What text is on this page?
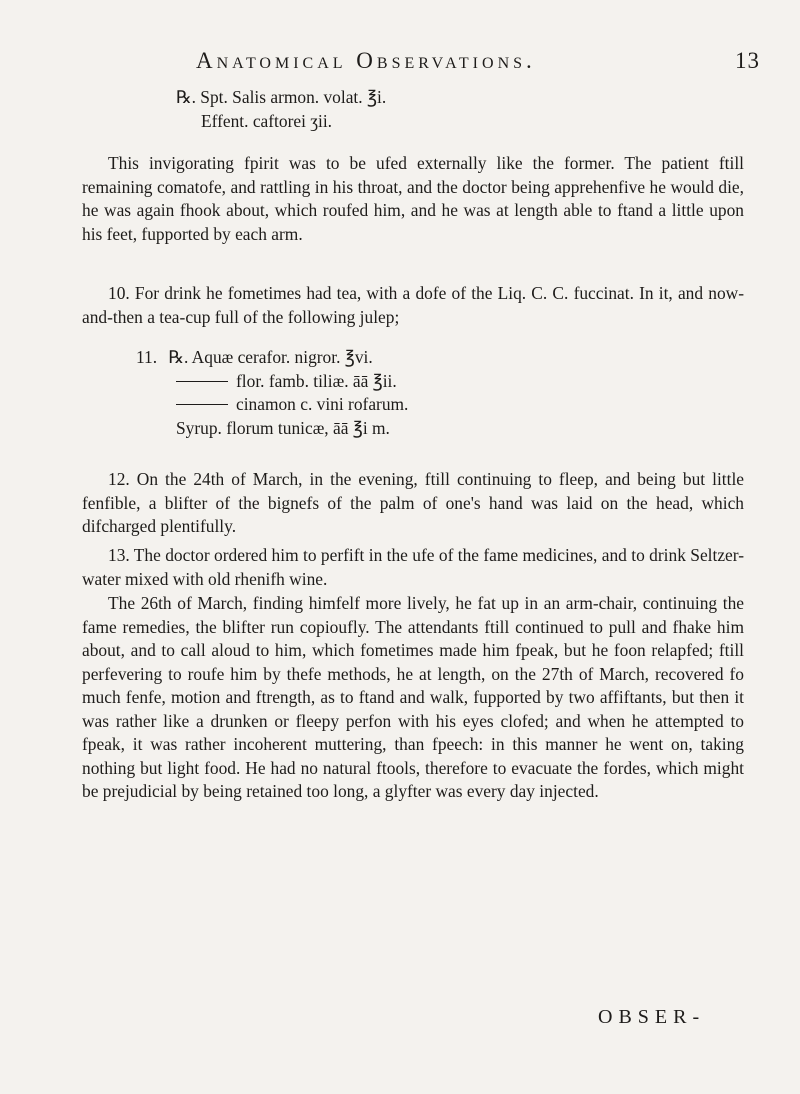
Anatomical Observations.	13
℞. Spt. Salis armon. volat. ℥i.
Effent. caftorei ʒii.

This invigorating fpirit was to be ufed externally like the former. The patient ftill remaining comatofe, and rattling in his throat, and the doctor being apprehenfive he would die, he was again fhook about, which roufed him, and he was at length able to ftand a little upon his feet, fupported by each arm.

10. For drink he fometimes had tea, with a dofe of the Liq. C. C. fuccinat. In it, and now-and-then a tea-cup full of the following julep;

11. ℞. Aquæ cerafor. nigror. ℥vi.
flor. famb. tiliæ. āā ℥ii.
cinamon c. vini rofarum.
Syrup. florum tunicæ, āā ℥i m.

12. On the 24th of March, in the evening, ftill continuing to fleep, and being but little fenfible, a blifter of the bignefs of the palm of one's hand was laid on the head, which difcharged plentifully.

13. The doctor ordered him to perfift in the ufe of the fame medicines, and to drink Seltzer-water mixed with old rhenifh wine.

The 26th of March, finding himfelf more lively, he fat up in an arm-chair, continuing the fame remedies, the blifter run copioufly. The attendants ftill continued to pull and fhake him about, and to call aloud to him, which fometimes made him fpeak, but he foon relapfed; ftill perfevering to roufe him by thefe methods, he at length, on the 27th of March, recovered fo much fenfe, motion and ftrength, as to ftand and walk, fupported by two affiftants, but then it was rather like a drunken or fleepy perfon with his eyes clofed; and when he attempted to fpeak, it was rather incoherent muttering, than fpeech: in this manner he went on, taking nothing but light food. He had no natural ftools, therefore to evacuate the fordes, which might be prejudicial by being retained too long, a glyfter was every day injected.

OBSER-
